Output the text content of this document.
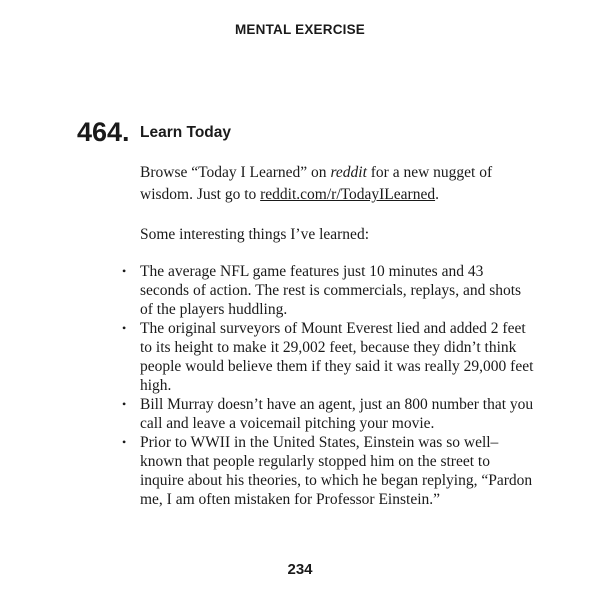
MENTAL EXERCISE
464. Learn Today

Browse “Today I Learned” on reddit for a new nugget of wisdom. Just go to reddit.com/r/TodayILearned.

Some interesting things I’ve learned:

• The average NFL game features just 10 minutes and 43 seconds of action. The rest is commercials, replays, and shots of the players huddling.
• The original surveyors of Mount Everest lied and added 2 feet to its height to make it 29,002 feet, because they didn’t think people would believe them if they said it was really 29,000 feet high.
• Bill Murray doesn’t have an agent, just an 800 number that you call and leave a voicemail pitching your movie.
• Prior to WWII in the United States, Einstein was so well–known that people regularly stopped him on the street to inquire about his theories, to which he began replying, “Pardon me, I am often mistaken for Professor Einstein.”
234
